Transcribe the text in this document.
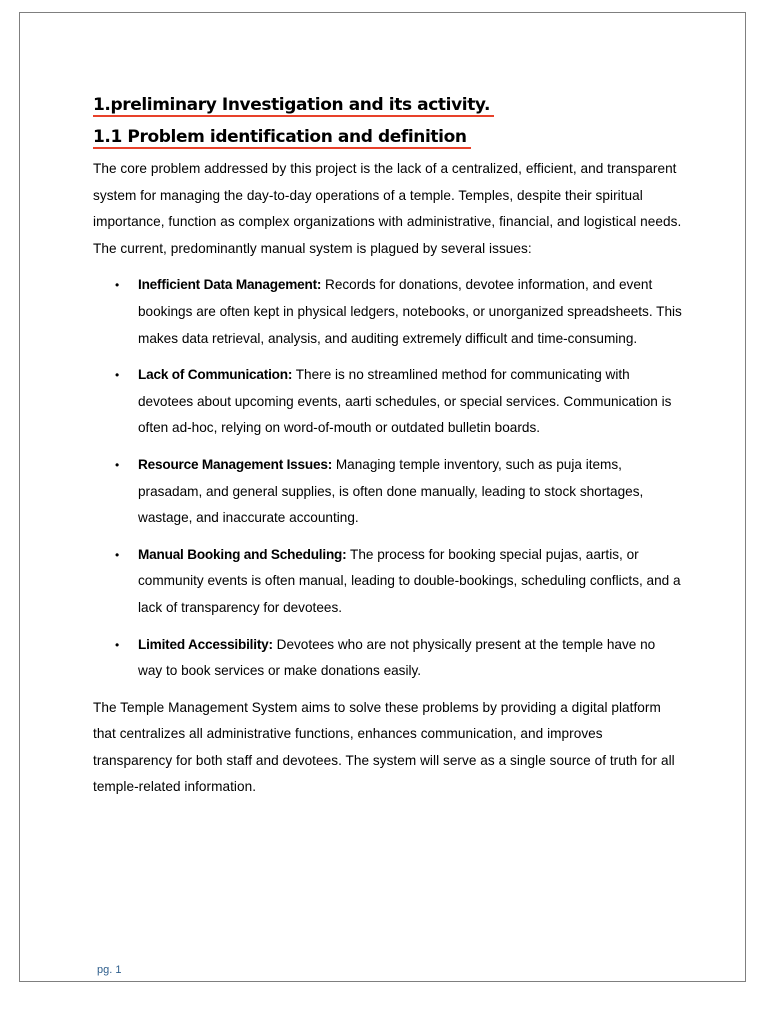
1.preliminary Investigation and its activity.
1.1 Problem identification and definition

The core problem addressed by this project is the lack of a centralized, efficient, and transparent system for managing the day-to-day operations of a temple. Temples, despite their spiritual importance, function as complex organizations with administrative, financial, and logistical needs. The current, predominantly manual system is plagued by several issues:

• Inefficient Data Management: Records for donations, devotee information, and event bookings are often kept in physical ledgers, notebooks, or unorganized spreadsheets. This makes data retrieval, analysis, and auditing extremely difficult and time-consuming.
• Lack of Communication: There is no streamlined method for communicating with devotees about upcoming events, aarti schedules, or special services. Communication is often ad-hoc, relying on word-of-mouth or outdated bulletin boards.
• Resource Management Issues: Managing temple inventory, such as puja items, prasadam, and general supplies, is often done manually, leading to stock shortages, wastage, and inaccurate accounting.
• Manual Booking and Scheduling: The process for booking special pujas, aartis, or community events is often manual, leading to double-bookings, scheduling conflicts, and a lack of transparency for devotees.
• Limited Accessibility: Devotees who are not physically present at the temple have no way to book services or make donations easily.

The Temple Management System aims to solve these problems by providing a digital platform that centralizes all administrative functions, enhances communication, and improves transparency for both staff and devotees. The system will serve as a single source of truth for all temple-related information.

pg. 1
